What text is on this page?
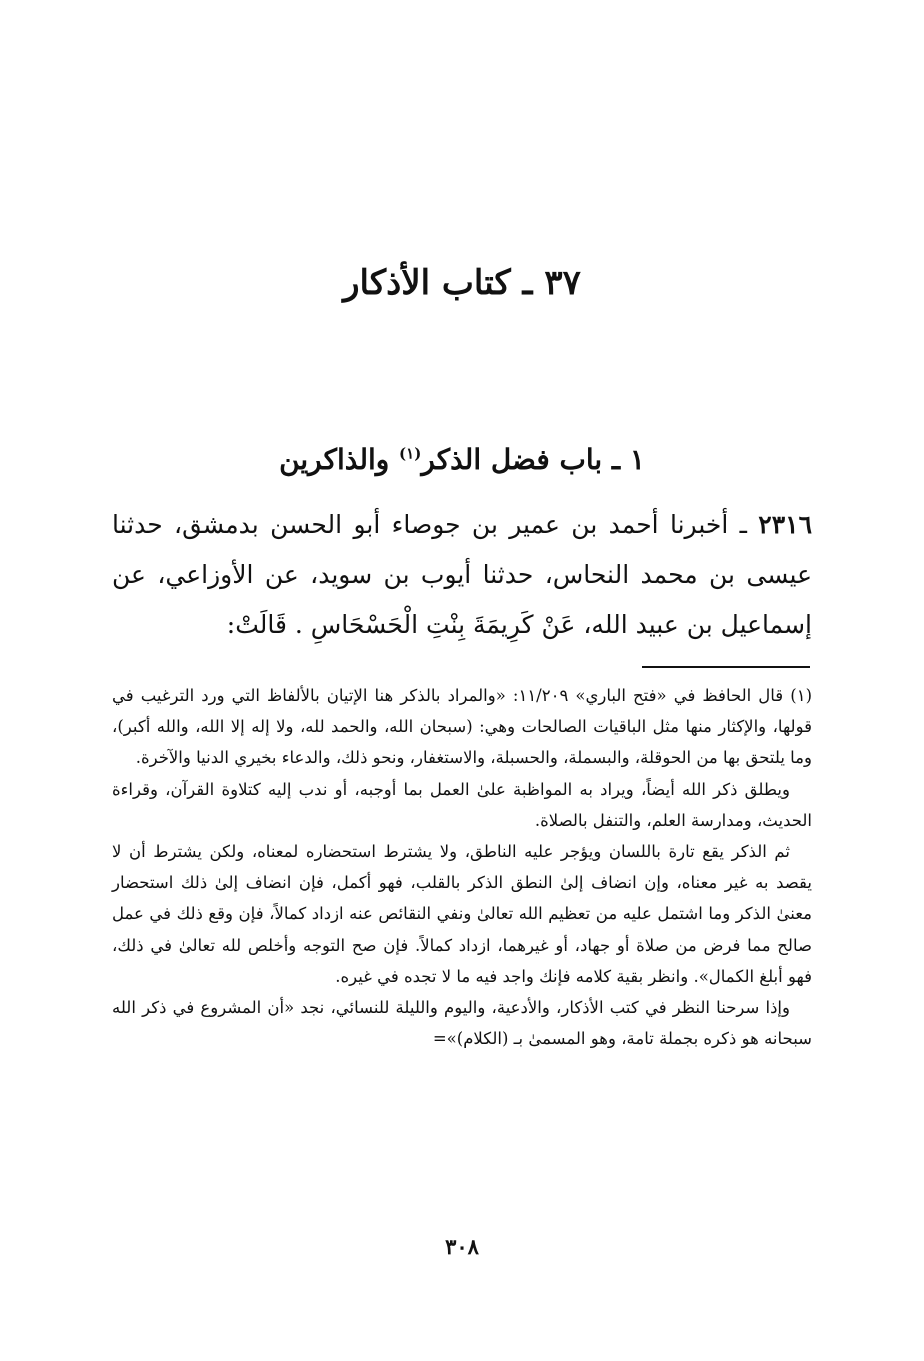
٣٧ ـ كتاب الأذكار
١ ـ باب فضل الذكر$^{(١)}$ والذاكرين

٢٣١٦ ـ أخبرنا أحمد بن عمير بن جوصاء أبو الحسن بدمشق، حدثنا عيسى بن محمد النحاس، حدثنا أيوب بن سويد، عن الأوزاعي، عن إسماعيل بن عبيد الله، عَنْ كَرِيمَةَ بِنْتِ الْحَسْحَاسِ . قَالَتْ:

(١) قال الحافظ في «فتح الباري» ١١/٢٠٩: «والمراد بالذكر هنا الإتيان بالألفاظ التي ورد الترغيب في قولها، والإكثار منها مثل الباقيات الصالحات وهي: (سبحان الله، والحمد لله، ولا إله إلا الله، والله أكبر)، وما يلتحق بها من الحوقلة، والبسملة، والحسبلة، والاستغفار، ونحو ذلك، والدعاء بخيري الدنيا والآخرة.

ويطلق ذكر الله أيضاً، ويراد به المواظبة علىٰ العمل بما أوجبه، أو ندب إليه كتلاوة القرآن، وقراءة الحديث، ومدارسة العلم، والتنفل بالصلاة.

ثم الذكر يقع تارة باللسان ويؤجر عليه الناطق، ولا يشترط استحضاره لمعناه، ولكن يشترط أن لا يقصد به غير معناه، وإن انضاف إلىٰ النطق الذكر بالقلب، فهو أكمل، فإن انضاف إلىٰ ذلك استحضار معنىٰ الذكر وما اشتمل عليه من تعظيم الله تعالىٰ ونفي النقائص عنه ازداد كمالاً، فإن وقع ذلك في عمل صالح مما فرض من صلاة أو جهاد، أو غيرهما، ازداد كمالاً. فإن صح التوجه وأخلص لله تعالىٰ في ذلك، فهو أبلغ الكمال». وانظر بقية كلامه فإنك واجد فيه ما لا تجده في غيره.

وإذا سرحنا النظر في كتب الأذكار، والأدعية، واليوم والليلة للنسائي، نجد «أن المشروع في ذكر الله سبحانه هو ذكره بجملة تامة، وهو المسمىٰ بـ (الكلام)»=

٣٠٨
